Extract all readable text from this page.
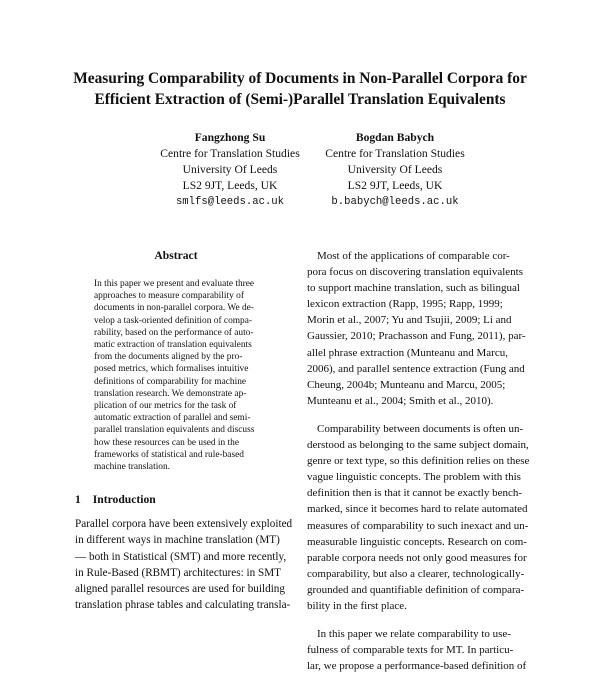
Measuring Comparability of Documents in Non-Parallel Corpora for
Efficient Extraction of (Semi-)Parallel Translation Equivalents
Fangzhong Su
Centre for Translation Studies
University Of Leeds
LS2 9JT, Leeds, UK
smlfs@leeds.ac.uk
Bogdan Babych
Centre for Translation Studies
University Of Leeds
LS2 9JT, Leeds, UK
b.babych@leeds.ac.uk
Abstract
In this paper we present and evaluate three
approaches to measure comparability of
documents in non-parallel corpora. We de-
velop a task-oriented definition of compa-
rability, based on the performance of auto-
matic extraction of translation equivalents
from the documents aligned by the pro-
posed metrics, which formalises intuitive
definitions of comparability for machine
translation research. We demonstrate ap-
plication of our metrics for the task of
automatic extraction of parallel and semi-
parallel translation equivalents and discuss
how these resources can be used in the
frameworks of statistical and rule-based
machine translation.
1 Introduction
Parallel corpora have been extensively exploited
in different ways in machine translation (MT)
— both in Statistical (SMT) and more recently,
in Rule-Based (RBMT) architectures: in SMT
aligned parallel resources are used for building
translation phrase tables and calculating transla-
Most of the applications of comparable cor-
pora focus on discovering translation equivalents
to support machine translation, such as bilingual
lexicon extraction (Rapp, 1995; Rapp, 1999;
Morin et al., 2007; Yu and Tsujii, 2009; Li and
Gaussier, 2010; Prachasson and Fung, 2011), par-
allel phrase extraction (Munteanu and Marcu,
2006), and parallel sentence extraction (Fung and
Cheung, 2004b; Munteanu and Marcu, 2005;
Munteanu et al., 2004; Smith et al., 2010).
Comparability between documents is often un-
derstood as belonging to the same subject domain,
genre or text type, so this definition relies on these
vague linguistic concepts. The problem with this
definition then is that it cannot be exactly bench-
marked, since it becomes hard to relate automated
measures of comparability to such inexact and un-
measurable linguistic concepts. Research on com-
parable corpora needs not only good measures for
comparability, but also a clearer, technologically-
grounded and quantifiable definition of compara-
bility in the first place.
In this paper we relate comparability to use-
fulness of comparable texts for MT. In particu-
lar, we propose a performance-based definition of
